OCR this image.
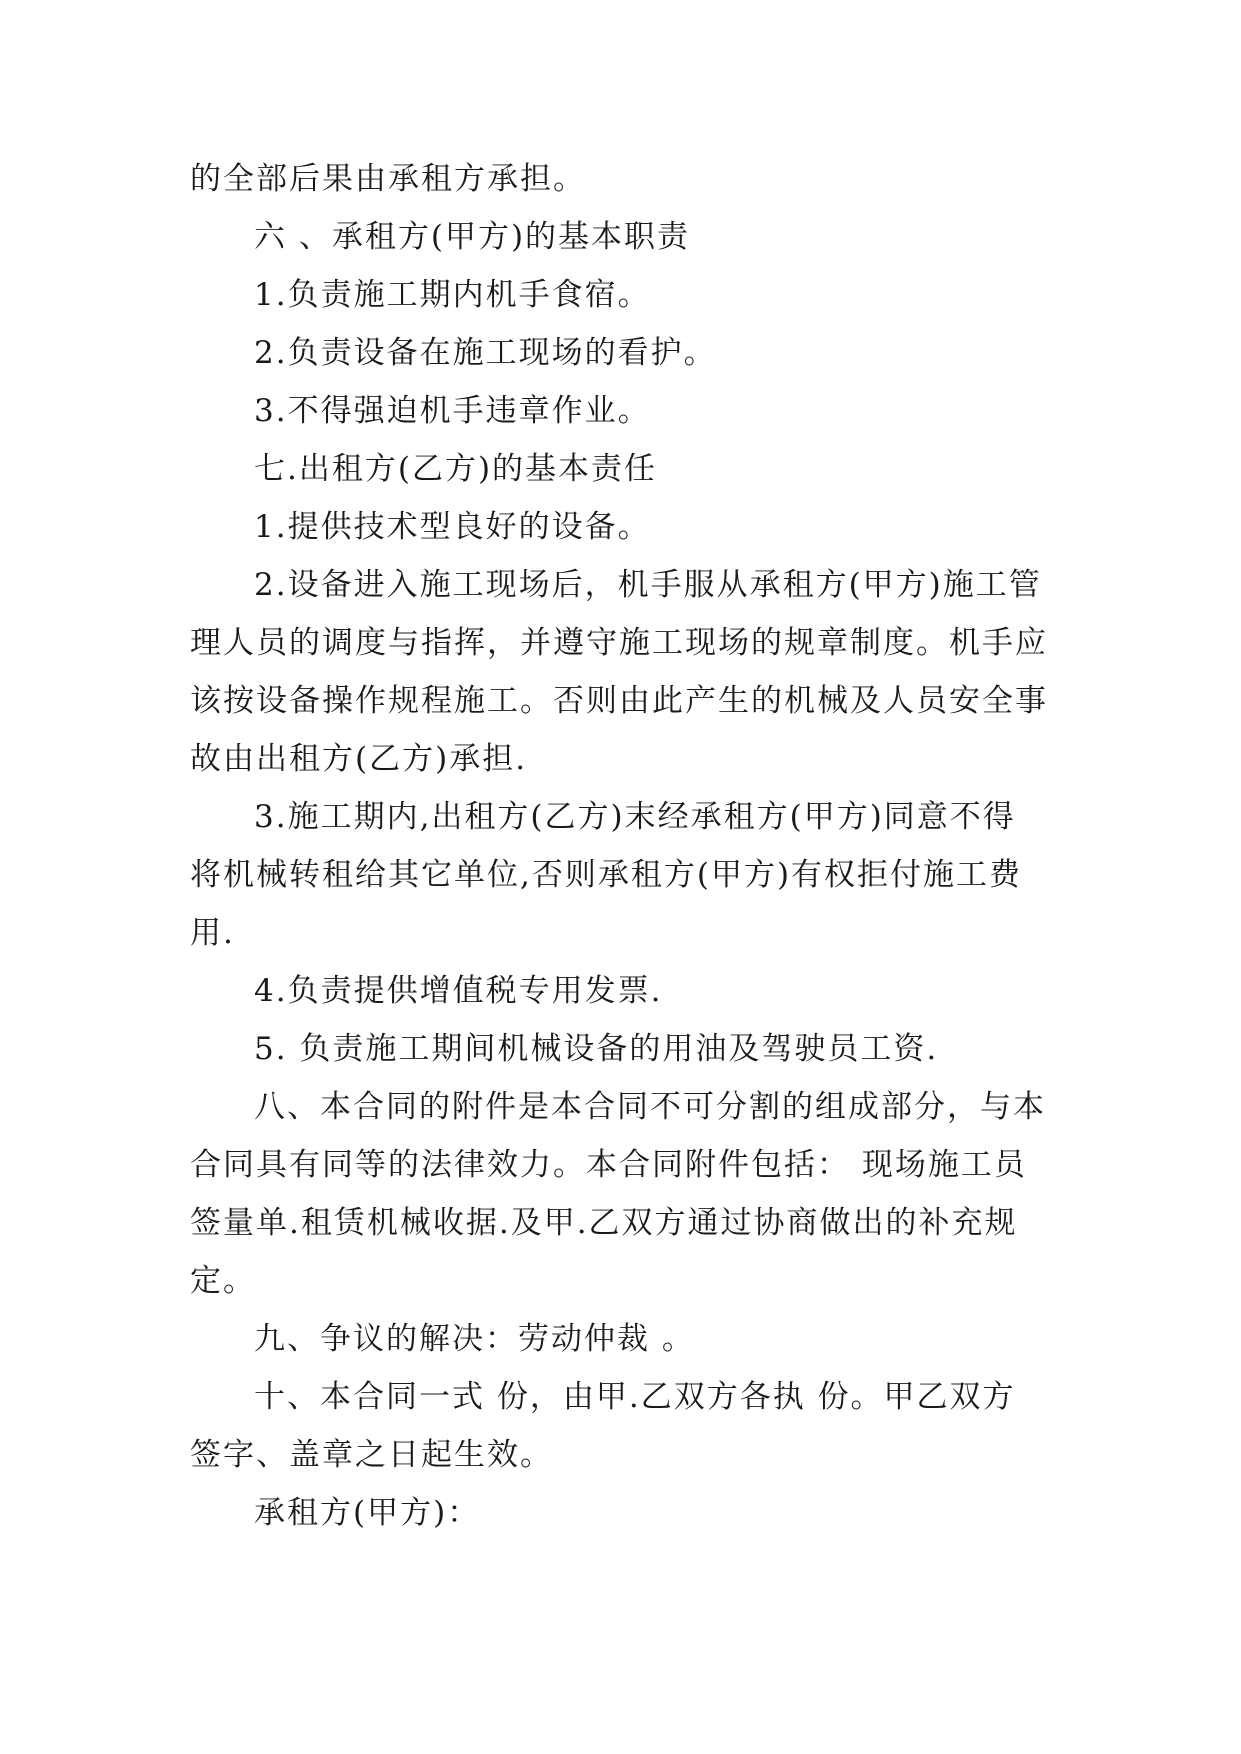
的全部后果由承租方承担。
六 、承租方(甲方)的基本职责
1.负责施工期内机手食宿。
2.负责设备在施工现场的看护。
3.不得强迫机手违章作业。
七.出租方(乙方)的基本责任
1.提供技术型良好的设备。
2.设备进入施工现场后，机手服从承租方(甲方)施工管
理人员的调度与指挥，并遵守施工现场的规章制度。机手应
该按设备操作规程施工。否则由此产生的机械及人员安全事
故由出租方(乙方)承担.
3.施工期内,出租方(乙方)末经承租方(甲方)同意不得
将机械转租给其它单位,否则承租方(甲方)有权拒付施工费
用.
4.负责提供增值税专用发票.
5. 负责施工期间机械设备的用油及驾驶员工资.
八、本合同的附件是本合同不可分割的组成部分，与本
合同具有同等的法律效力。本合同附件包括： 现场施工员
签量单.租赁机械收据.及甲.乙双方通过协商做出的补充规
定。
九、争议的解决：劳动仲裁 。
十、本合同一式 份，由甲.乙双方各执 份。甲乙双方
签字、盖章之日起生效。
承租方(甲方)：
